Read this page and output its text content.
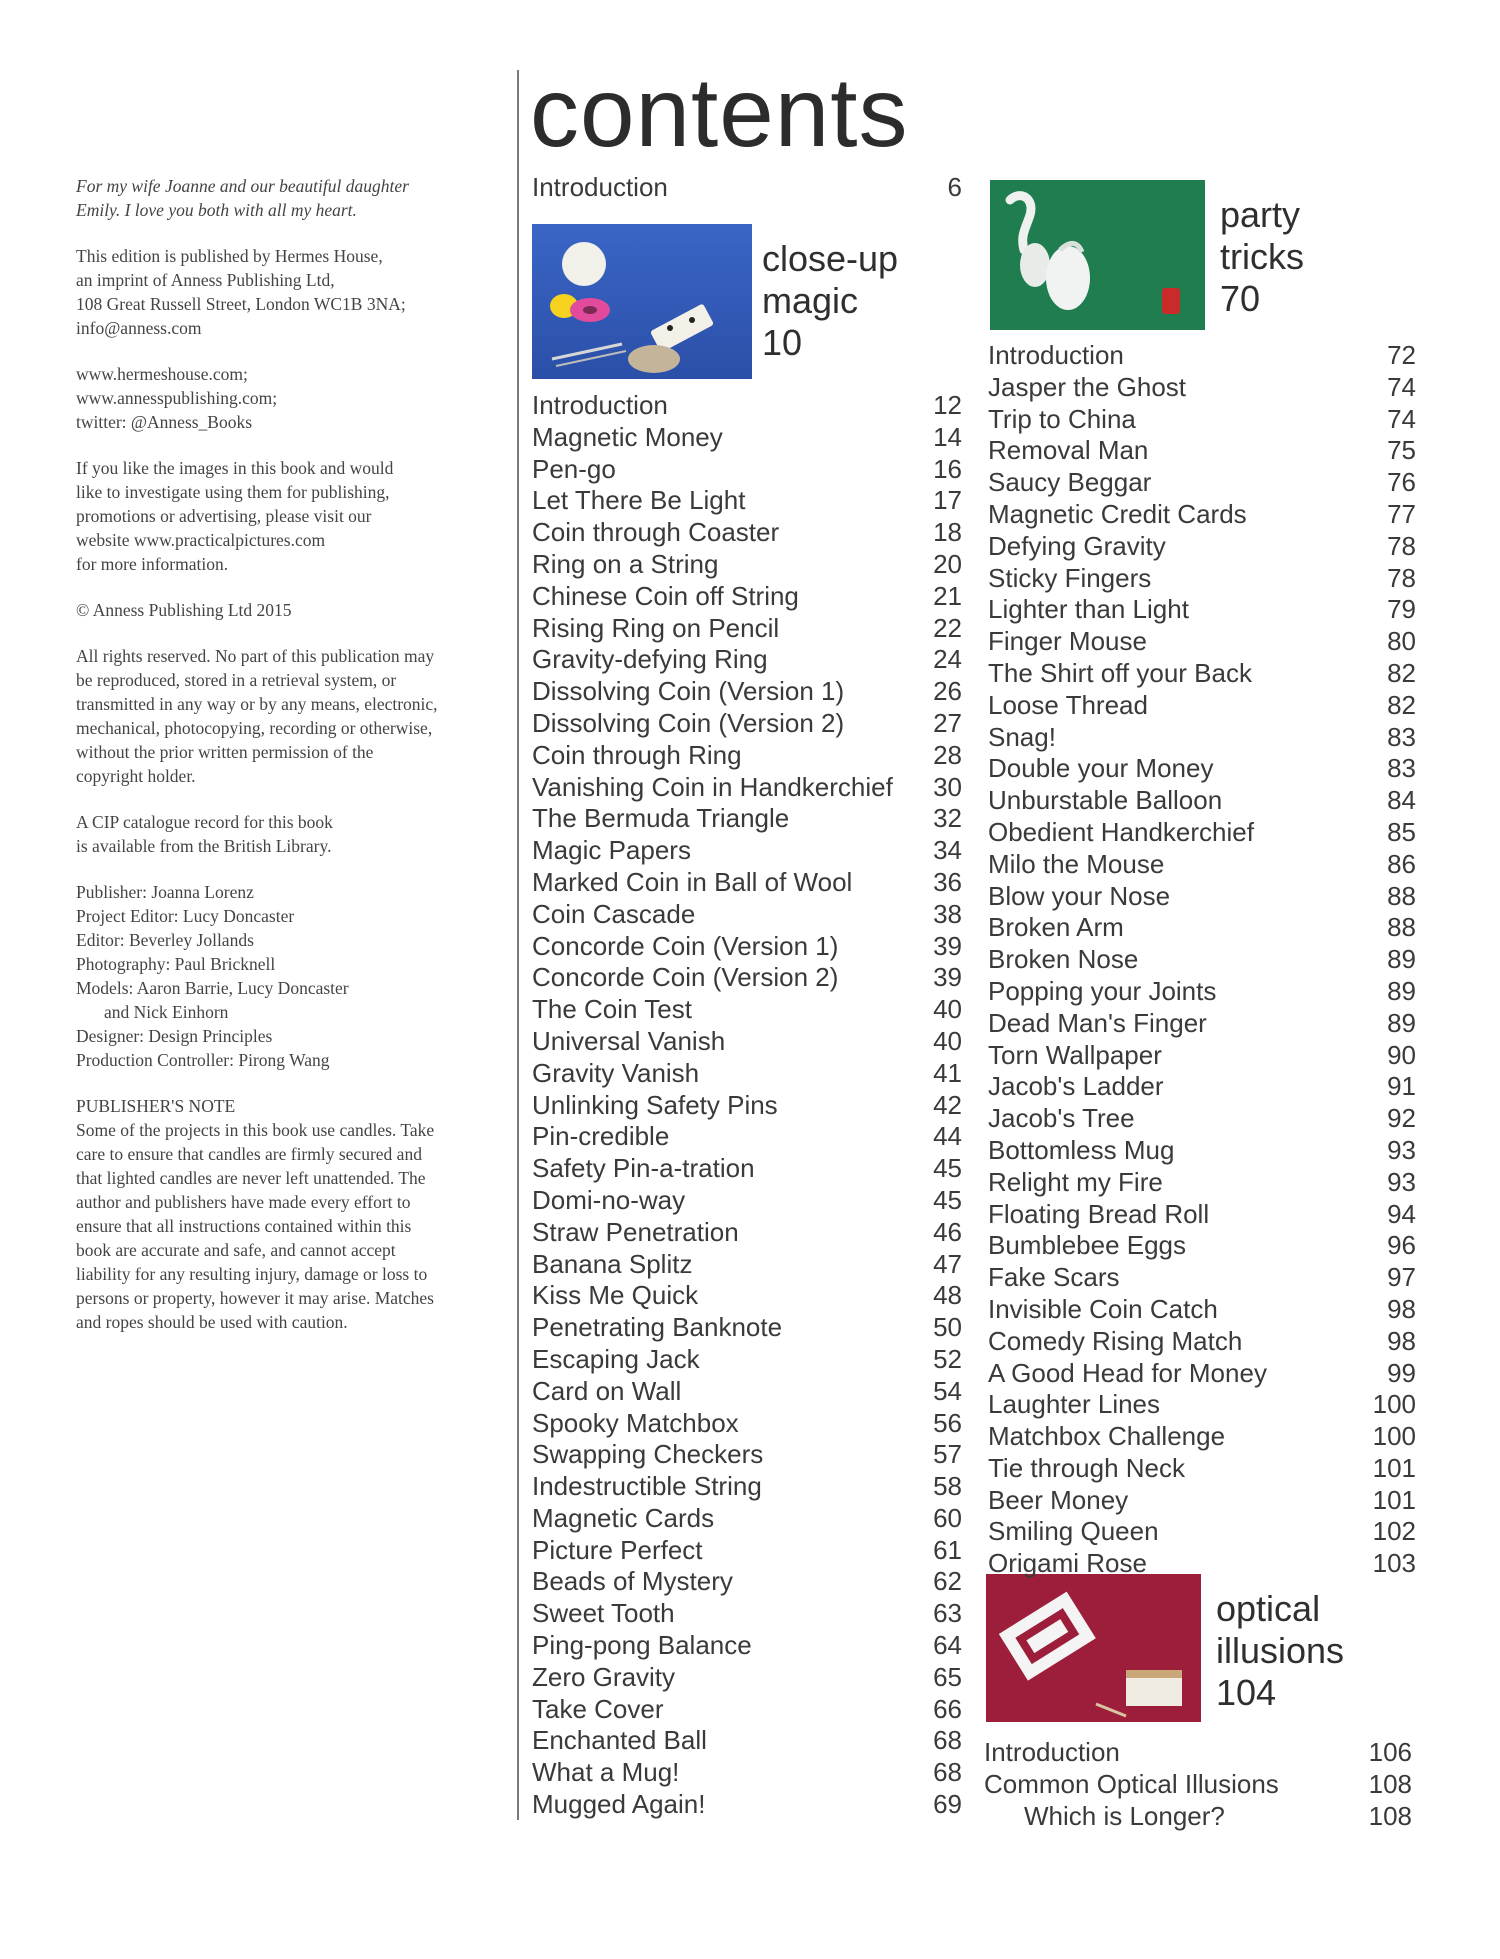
For my wife Joanne and our beautiful daughter
Emily. I love you both with all my heart.

This edition is published by Hermes House,
an imprint of Anness Publishing Ltd,
108 Great Russell Street, London WC1B 3NA;
info@anness.com

www.hermeshouse.com;
www.annesspublishing.com;
twitter: @Anness_Books

If you like the images in this book and would
like to investigate using them for publishing,
promotions or advertising, please visit our
website www.practicalpictures.com
for more information.

© Anness Publishing Ltd 2015

All rights reserved. No part of this publication may
be reproduced, stored in a retrieval system, or
transmitted in any way or by any means, electronic,
mechanical, photocopying, recording or otherwise,
without the prior written permission of the
copyright holder.

A CIP catalogue record for this book
is available from the British Library.

Publisher: Joanna Lorenz
Project Editor: Lucy Doncaster
Editor: Beverley Jollands
Photography: Paul Bricknell
Models: Aaron Barrie, Lucy Doncaster

and Nick Einhorn
Designer: Design Principles
Production Controller: Pirong Wang

PUBLISHER'S NOTE
Some of the projects in this book use candles. Take
care to ensure that candles are firmly secured and
that lighted candles are never left unattended. The
author and publishers have made every effort to
ensure that all instructions contained within this
book are accurate and safe, and cannot accept
liability for any resulting injury, damage or loss to
persons or property, however it may arise. Matches
and ropes should be used with caution.

contents
Introduction	6
close-up
magic
10
party
tricks
70
optical
illusions
104
Introduction	12
Magnetic Money	14
Pen-go	16
Let There Be Light	17
Coin through Coaster	18
Ring on a String	20
Chinese Coin off String	21
Rising Ring on Pencil	22
Gravity-defying Ring	24
Dissolving Coin (Version 1)	26
Dissolving Coin (Version 2)	27
Coin through Ring	28
Vanishing Coin in Handkerchief 30
The Bermuda Triangle	32
Magic Papers	34
Marked Coin in Ball of Wool	36
Coin Cascade	38
Concorde Coin (Version 1)	39
Concorde Coin (Version 2)	39
The Coin Test	40
Universal Vanish	40
Gravity Vanish	41
Unlinking Safety Pins	42
Pin-credible	44
Safety Pin-a-tration	45
Domi-no-way	45
Straw Penetration	46
Banana Splitz	47
Kiss Me Quick	48
Penetrating Banknote	50
Escaping Jack	52
Card on Wall	54
Spooky Matchbox	56
Swapping Checkers	57
Indestructible String	58
Magnetic Cards	60
Picture Perfect	61
Beads of Mystery	62
Sweet Tooth	63
Ping-pong Balance	64
Zero Gravity	65
Take Cover	66
Enchanted Ball	68
What a Mug!	68
Mugged Again!	69
Introduction	72
Jasper the Ghost	74
Trip to China	74
Removal Man	75
Saucy Beggar	76
Magnetic Credit Cards	77
Defying Gravity	78
Sticky Fingers	78
Lighter than Light	79
Finger Mouse	80
The Shirt off your Back	82
Loose Thread	82
Snag!	83
Double your Money	83
Unburstable Balloon	84
Obedient Handkerchief	85
Milo the Mouse	86
Blow your Nose	88
Broken Arm	88
Broken Nose	89
Popping your Joints	89
Dead Man's Finger	89
Torn Wallpaper	90
Jacob's Ladder	91
Jacob's Tree	92
Bottomless Mug	93
Relight my Fire	93
Floating Bread Roll	94
Bumblebee Eggs	96
Fake Scars	97
Invisible Coin Catch	98
Comedy Rising Match	98
A Good Head for Money	99
Laughter Lines	100
Matchbox Challenge	100
Tie through Neck	101
Beer Money	101
Smiling Queen	102
Origami Rose	103
Introduction	106
Common Optical Illusions	108
Which is Longer?	108
